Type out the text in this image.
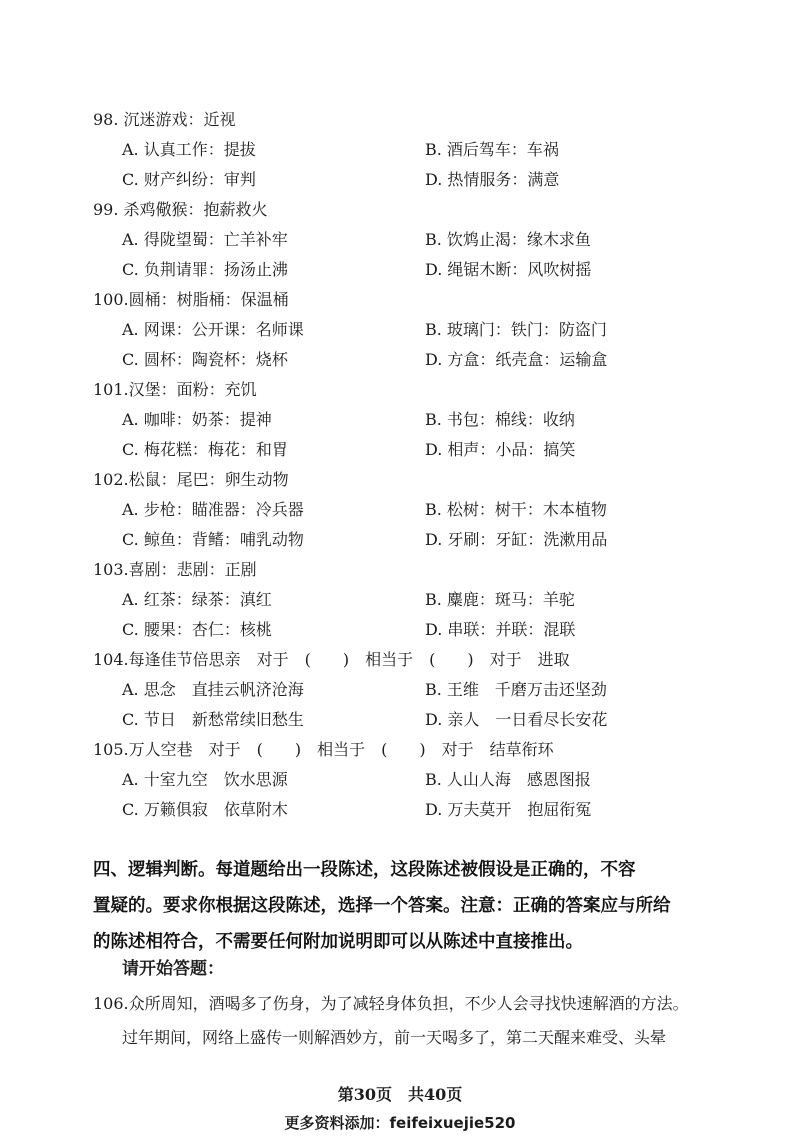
98. 沉迷游戏：近视
A. 认真工作：提拔	B. 酒后驾车：车祸
C. 财产纠纷：审判	D. 热情服务：满意
99. 杀鸡儆猴：抱薪救火
A. 得陇望蜀：亡羊补牢	B. 饮鸩止渴：缘木求鱼
C. 负荆请罪：扬汤止沸	D. 绳锯木断：风吹树摇
100.圆桶：树脂桶：保温桶
A. 网课：公开课：名师课	B. 玻璃门：铁门：防盗门
C. 圆杯：陶瓷杯：烧杯	D. 方盒：纸壳盒：运输盒
101.汉堡：面粉：充饥
A. 咖啡：奶茶：提神	B. 书包：棉线：收纳
C. 梅花糕：梅花：和胃	D. 相声：小品：搞笑
102.松鼠：尾巴：卵生动物
A. 步枪：瞄准器：冷兵器	B. 松树：树干：木本植物
C. 鲸鱼：背鳍：哺乳动物	D. 牙刷：牙缸：洗漱用品
103.喜剧：悲剧：正剧
A. 红茶：绿茶：滇红	B. 麋鹿：斑马：羊驼
C. 腰果：杏仁：核桃	D. 串联：并联：混联
104.每逢佳节倍思亲　对于　(　　)　相当于　(　　)　对于　进取
A. 思念　直挂云帆济沧海	B. 王维　千磨万击还坚劲
C. 节日　新愁常续旧愁生	D. 亲人　一日看尽长安花
105.万人空巷　对于　(　　)　相当于　(　　)　对于　结草衔环
A. 十室九空　饮水思源	B. 人山人海　感恩图报
C. 万籁俱寂　依草附木	D. 万夫莫开　抱屈衔冤
四、逻辑判断。每道题给出一段陈述，这段陈述被假设是正确的，不容
置疑的。要求你根据这段陈述，选择一个答案。注意：正确的答案应与所给
的陈述相符合，不需要任何附加说明即可以从陈述中直接推出。
请开始答题：
106.众所周知，酒喝多了伤身，为了减轻身体负担，不少人会寻找快速解酒的方法。
过年期间，网络上盛传一则解酒妙方，前一天喝多了，第二天醒来难受、头晕
第30页　共40页
更多资料添加：feifeixuejie520
